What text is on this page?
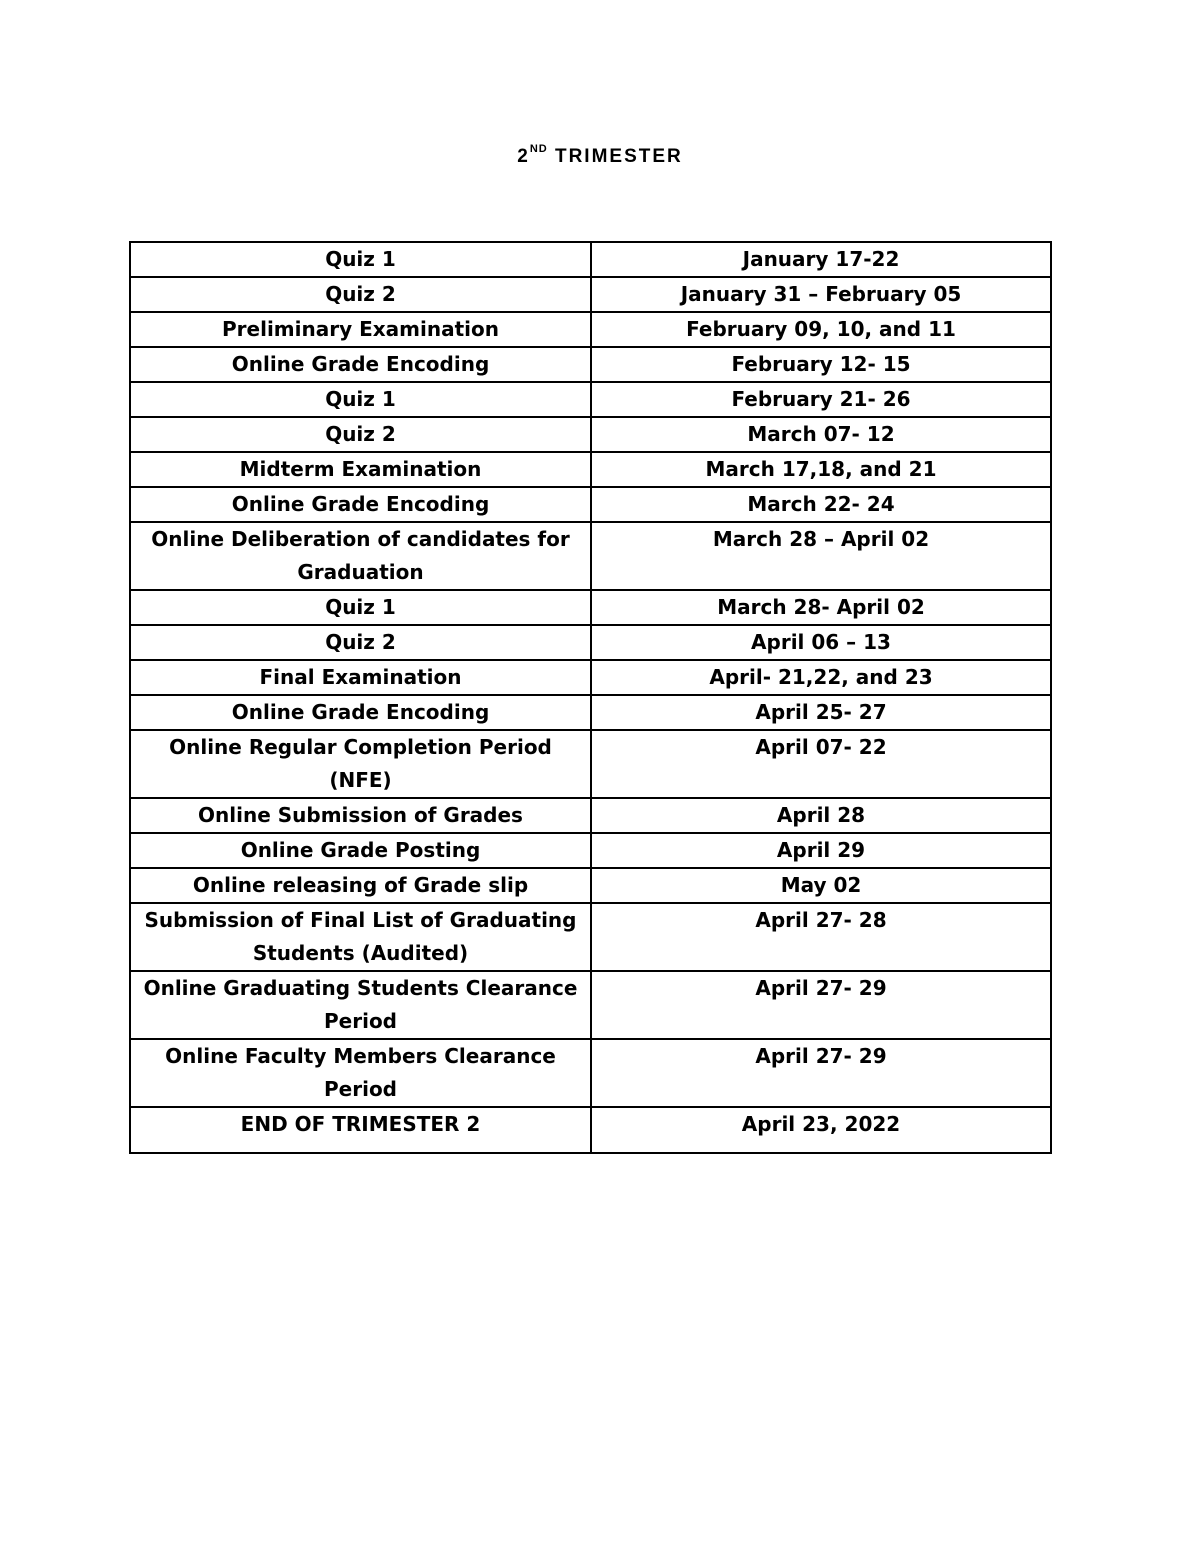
2ND TRIMESTER
Quiz 1	January 17-22
Quiz 2	January 31 – February 05
Preliminary Examination	February 09, 10, and 11
Online Grade Encoding	February 12- 15
Quiz 1	February 21- 26
Quiz 2	March 07- 12
Midterm Examination	March 17,18, and 21
Online Grade Encoding	March 22- 24
Online Deliberation of candidates for Graduation	March 28 – April 02
Quiz 1	March 28- April 02
Quiz 2	April 06 – 13
Final Examination	April- 21,22, and 23
Online Grade Encoding	April 25- 27
Online Regular Completion Period (NFE)	April 07- 22
Online Submission of Grades	April 28
Online Grade Posting	April 29
Online releasing of Grade slip	May 02
Submission of Final List of Graduating Students (Audited)	April 27- 28
Online Graduating Students Clearance Period	April 27- 29
Online Faculty Members Clearance Period	April 27- 29
END OF TRIMESTER 2	April 23, 2022
